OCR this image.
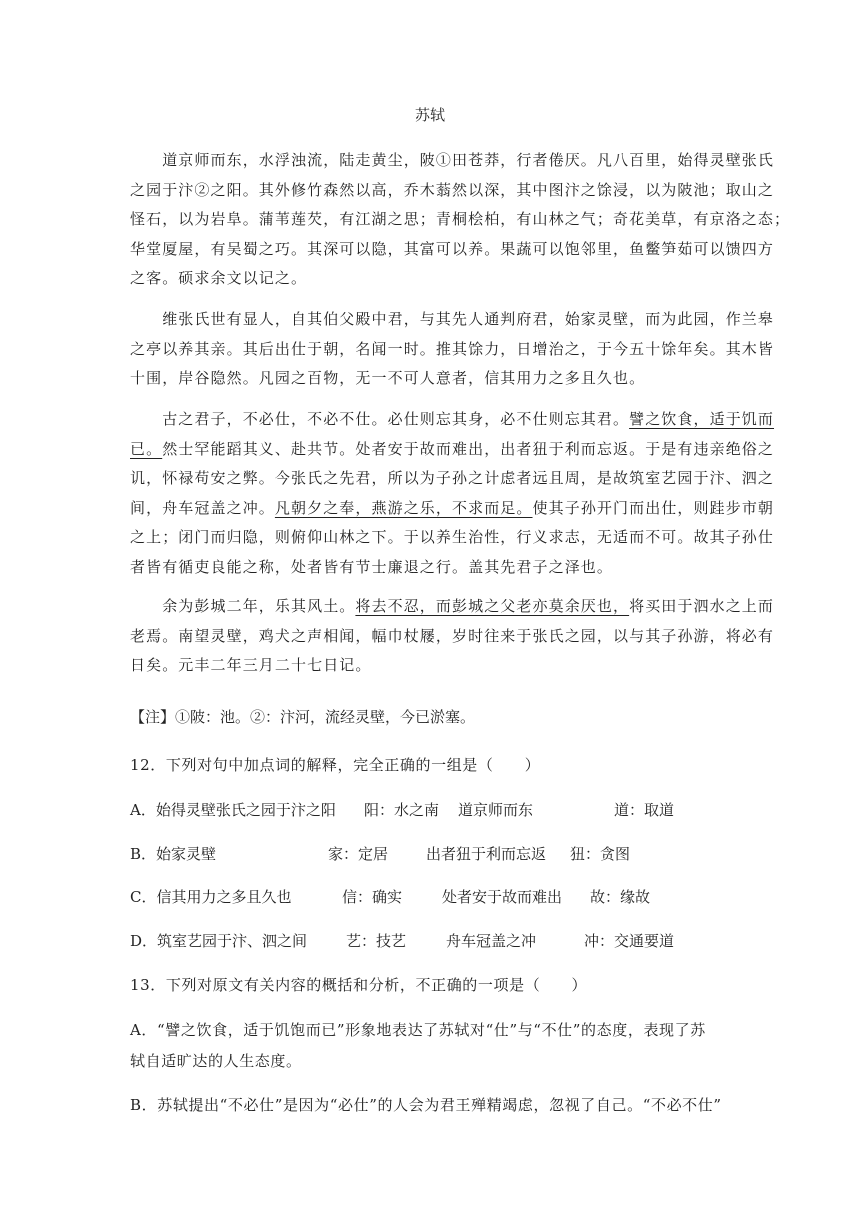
苏轼
　　道京师而东，水浮浊流，陆走黄尘，陂①田苍莽，行者倦厌。凡八百里，始得灵壁张氏
之园于汴②之阳。其外修竹森然以高，乔木蓊然以深，其中图汴之馀浸，以为陂池；取山之
怪石，以为岩阜。蒲苇莲芡，有江湖之思；青桐桧柏，有山林之气；奇花美草，有京洛之态；
华堂厦屋，有吴蜀之巧。其深可以隐，其富可以养。果蔬可以饱邻里，鱼鳖笋茹可以馈四方
之客。硕求余文以记之。
　　维张氏世有显人，自其伯父殿中君，与其先人通判府君，始家灵壁，而为此园，作兰皋
之亭以养其亲。其后出仕于朝，名闻一时。推其馀力，日增治之，于今五十馀年矣。其木皆
十围，岸谷隐然。凡园之百物，无一不可人意者，信其用力之多且久也。
　　古之君子，不必仕，不必不仕。必仕则忘其身，必不仕则忘其君。譬之饮食，适于饥而
已。然士罕能蹈其义、赴共节。处者安于故而难出，出者狃于利而忘返。于是有违亲绝俗之
讥，怀禄苟安之弊。今张氏之先君，所以为子孙之计虑者远且周，是故筑室艺园于汴、泗之
间，舟车冠盖之冲。凡朝夕之奉，燕游之乐，不求而足。使其子孙开门而出仕，则跬步市朝
之上；闭门而归隐，则俯仰山林之下。于以养生治性，行义求志，无适而不可。故其子孙仕
者皆有循吏良能之称，处者皆有节士廉退之行。盖其先君子之泽也。
　　余为彭城二年，乐其风土。将去不忍，而彭城之父老亦莫余厌也，将买田于泗水之上而
老焉。南望灵壁，鸡犬之声相闻，幅巾杖屦，岁时往来于张氏之园，以与其子孙游，将必有
日矣。元丰二年三月二十七日记。
【注】①陂：池。②：汴河，流经灵壁，今已淤塞。
12．下列对句中加点词的解释，完全正确的一组是（　　）
A．始得灵壁张氏之园于汴之阳 阳：水之南 道京师而东	道：取道
B．始家灵壁	家：定居	出者狃于利而忘返 狃：贪图
C．信其用力之多且久也	信：确实	处者安于故而难出 故：缘故
D．筑室艺园于汴、泗之间	艺：技艺	舟车冠盖之冲	冲：交通要道
13．下列对原文有关内容的概括和分析，不正确的一项是（　　）
A．“譬之饮食，适于饥饱而已”形象地表达了苏轼对“仕”与“不仕”的态度，表现了苏
轼自适旷达的人生态度。
B．苏轼提出“不必仕”是因为“必仕”的人会为君王殚精竭虑，忽视了自己。“不必不仕”
